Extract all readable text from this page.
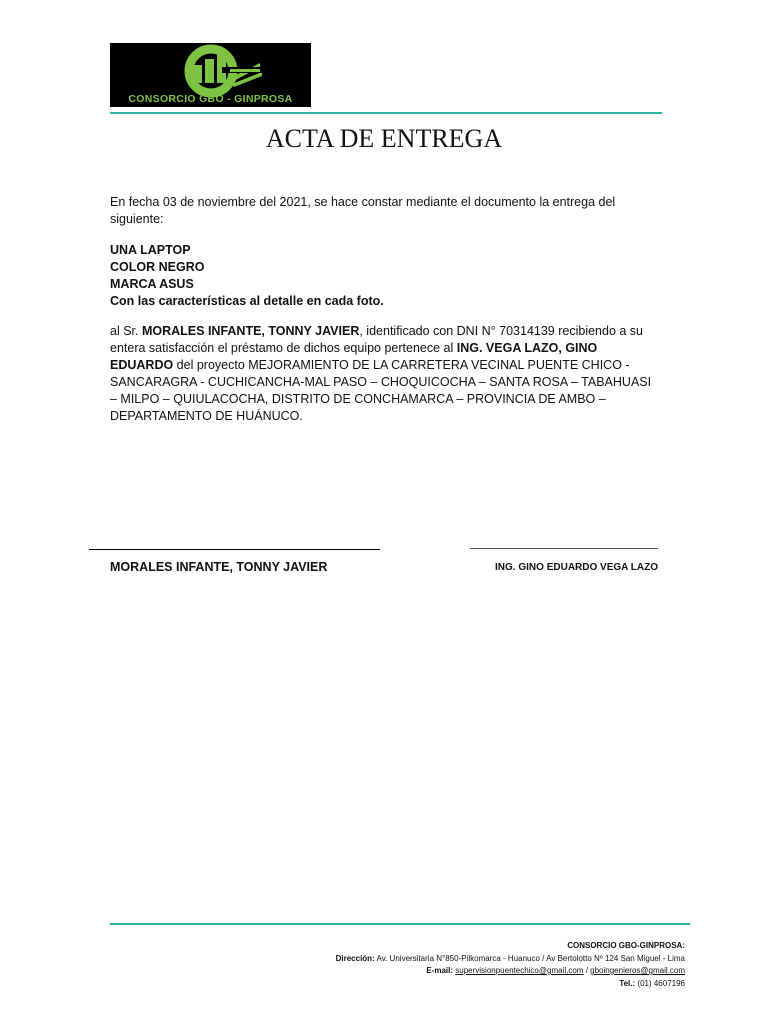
CONSORCIO GBO - GINPROSA
ACTA DE ENTREGA
En fecha 03 de noviembre del 2021, se hace constar mediante el documento la entrega del siguiente:
UNA LAPTOP
COLOR NEGRO
MARCA ASUS
Con las características al detalle en cada foto.
al Sr. MORALES INFANTE, TONNY JAVIER, identificado con DNI N° 70314139 recibiendo a su entera satisfacción el préstamo de dichos equipo pertenece al ING. VEGA LAZO, GINO EDUARDO del proyecto MEJORAMIENTO DE LA CARRETERA VECINAL PUENTE CHICO - SANCARAGRA - CUCHICANCHA-MAL PASO – CHOQUICOCHA – SANTA ROSA – TABAHUASI – MILPO – QUIULACOCHA, DISTRITO DE CONCHAMARCA – PROVINCIA DE AMBO – DEPARTAMENTO DE HUÁNUCO.
MORALES INFANTE, TONNY JAVIER	ING. GINO EDUARDO VEGA LAZO
CONSORCIO GBO-GINPROSA:
Dirección: Av. Universitaria N°850-Pilkomarca - Huanuco / Av Bertolotto Nº 124 San Miguel - Lima
E-mail: supervisionpuentechico@gmail.com / gboingenieros@gmail.com
Tel.: (01) 4607196
